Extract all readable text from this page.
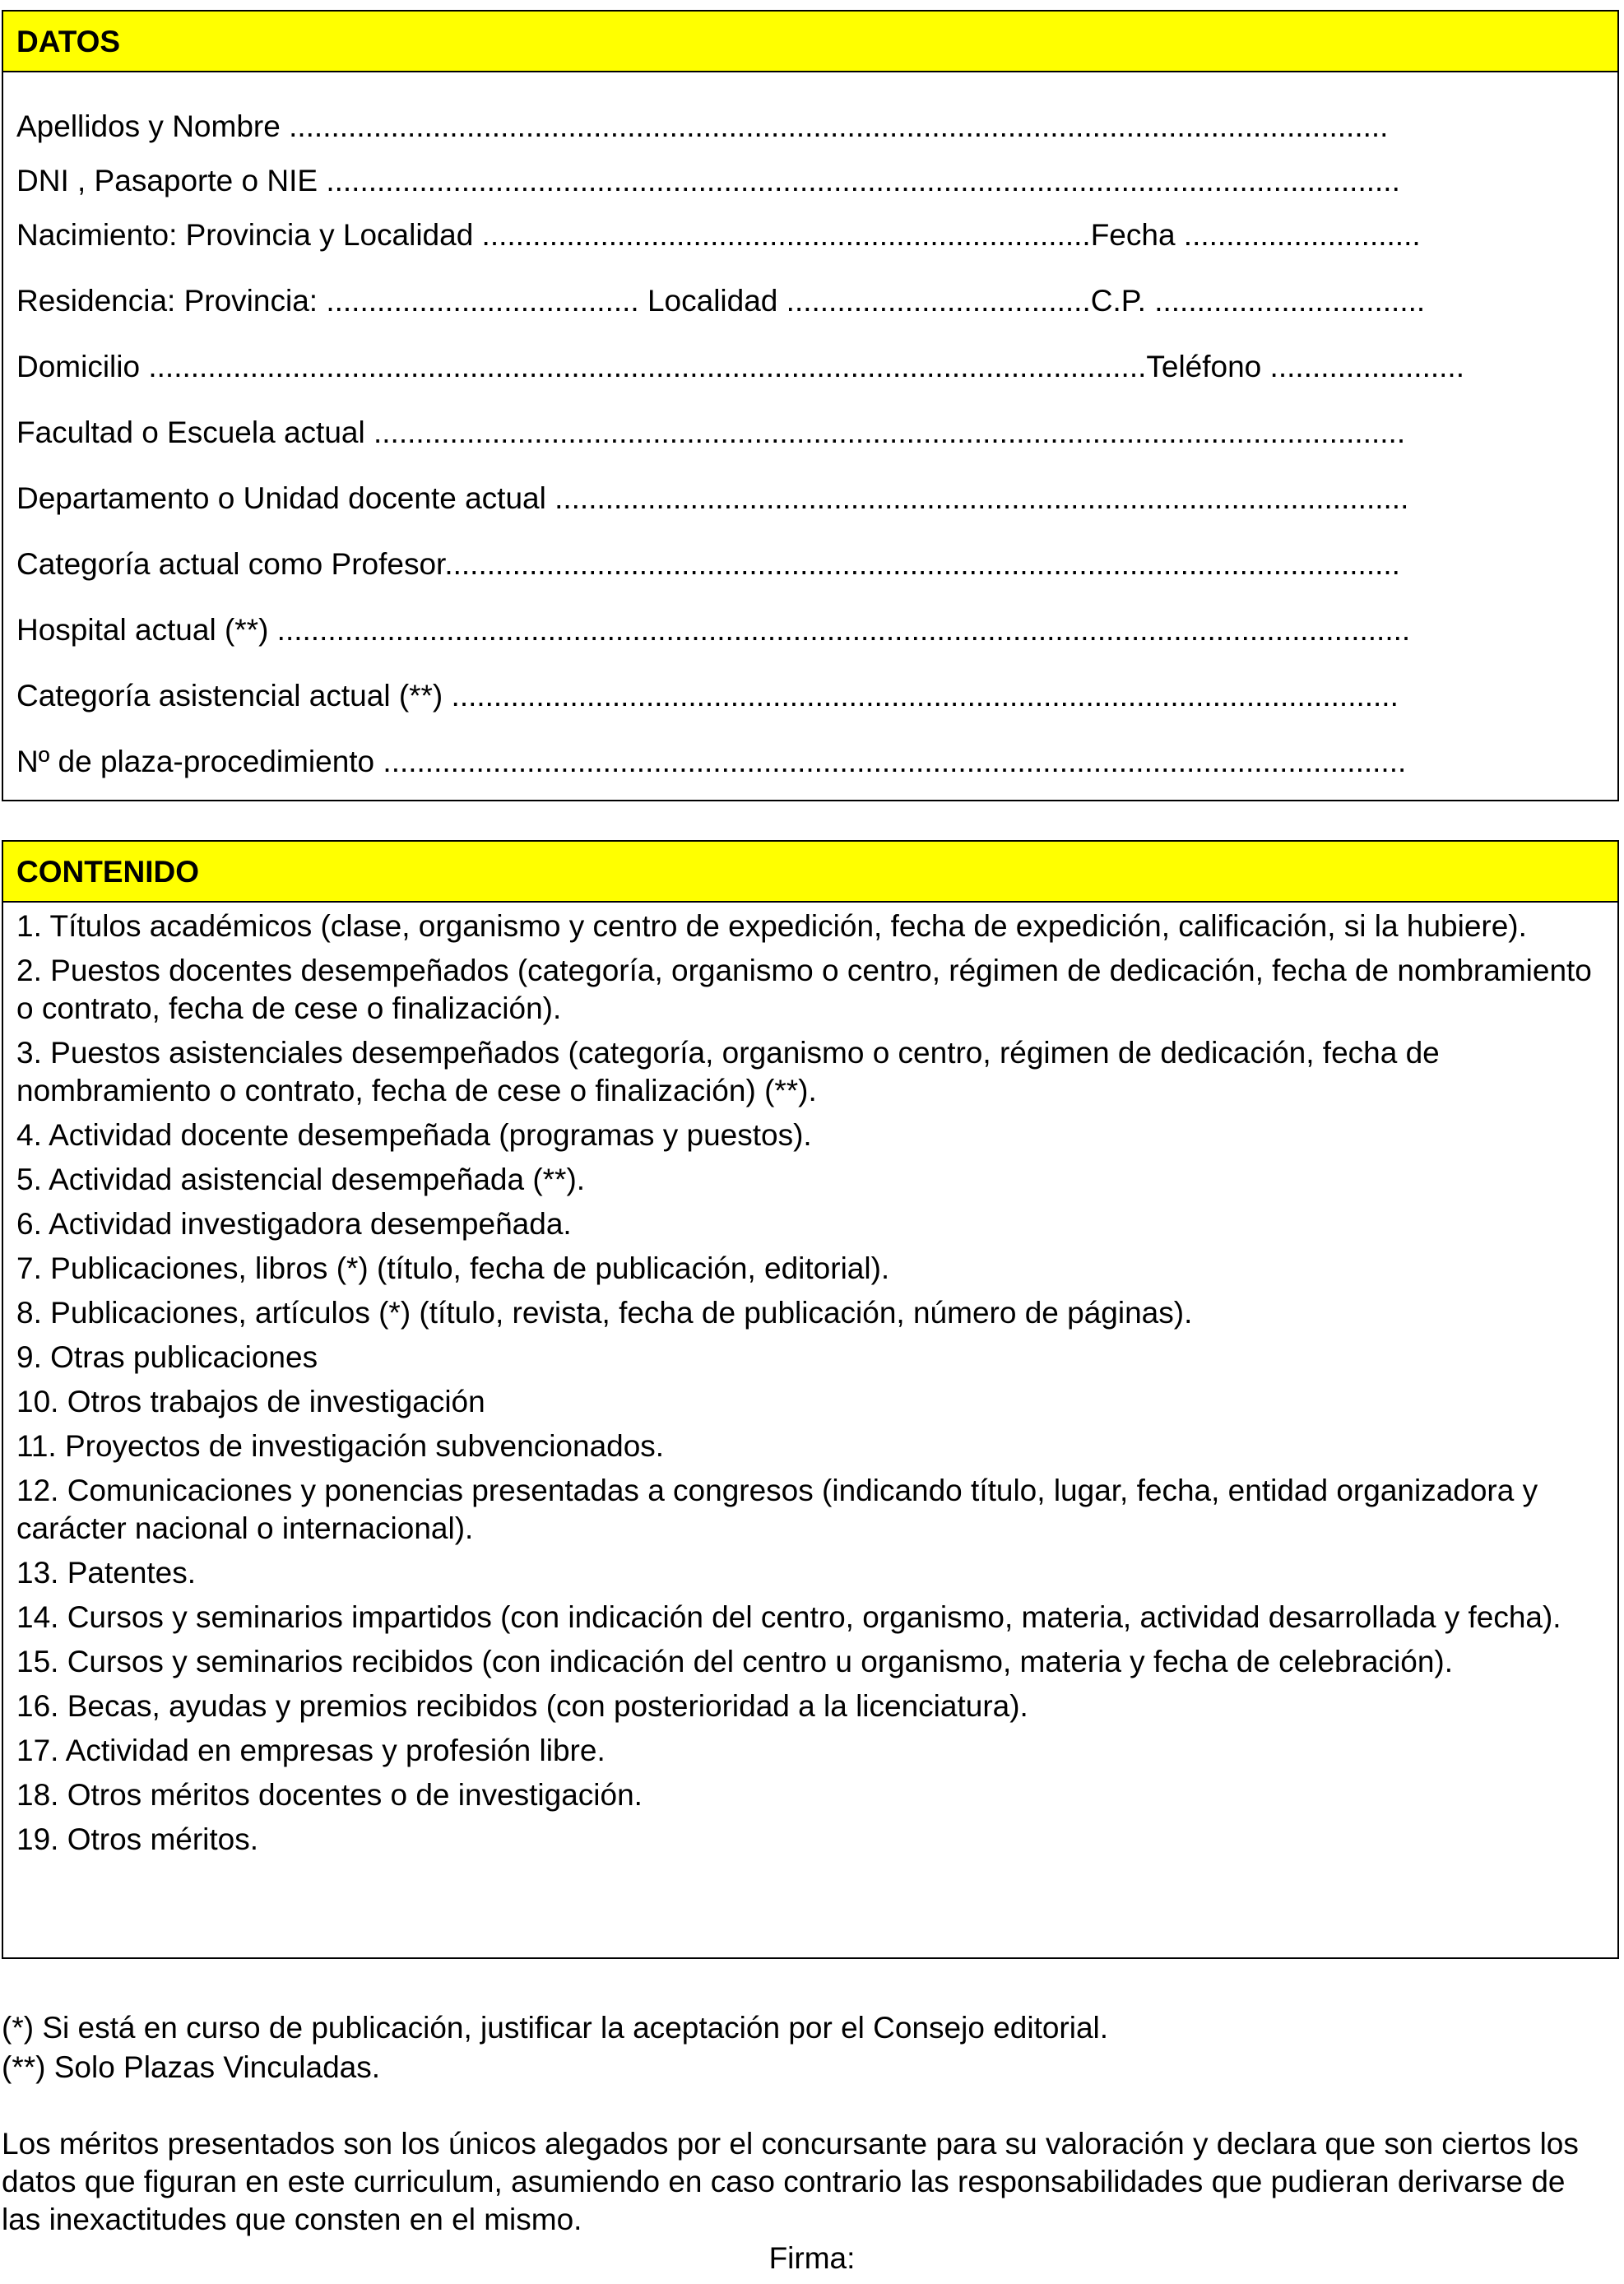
DATOS
Apellidos y Nombre ..................................................................................................................................
DNI , Pasaporte o NIE ...............................................................................................................................
Nacimiento: Provincia y Localidad ........................................................................Fecha ............................
Residencia: Provincia: ..................................... Localidad ....................................C.P. ................................
Domicilio ......................................................................................................................Teléfono .......................
Facultad o Escuela actual ..........................................................................................................................
Departamento o Unidad docente actual .....................................................................................................
Categoría actual como Profesor.................................................................................................................
Hospital actual (**) ......................................................................................................................................
Categoría asistencial actual (**) ................................................................................................................
Nº de plaza-procedimiento .........................................................................................................................
CONTENIDO
1. Títulos académicos (clase, organismo y centro de expedición, fecha de expedición, calificación, si la hubiere).
2. Puestos docentes desempeñados (categoría, organismo o centro, régimen de dedicación, fecha de nombramiento o contrato, fecha de cese o finalización).
3. Puestos asistenciales desempeñados (categoría, organismo o centro, régimen de dedicación, fecha de nombramiento o contrato, fecha de cese o finalización) (**).
4. Actividad docente desempeñada (programas y puestos).
5. Actividad asistencial desempeñada (**).
6. Actividad investigadora desempeñada.
7. Publicaciones, libros (*) (título, fecha de publicación, editorial).
8. Publicaciones, artículos (*) (título, revista, fecha de publicación, número de páginas).
9. Otras publicaciones
10. Otros trabajos de investigación
11. Proyectos de investigación subvencionados.
12. Comunicaciones y ponencias presentadas a congresos (indicando título, lugar, fecha, entidad organizadora y carácter nacional o internacional).
13. Patentes.
14. Cursos y seminarios impartidos (con indicación del centro, organismo, materia, actividad desarrollada y fecha).
15. Cursos y seminarios recibidos (con indicación del centro u organismo, materia y fecha de celebración).
16. Becas, ayudas y premios recibidos (con posterioridad a la licenciatura).
17. Actividad en empresas y profesión libre.
18. Otros méritos docentes o de investigación.
19. Otros méritos.
(*) Si está en curso de publicación, justificar la aceptación por el Consejo editorial.
(**) Solo Plazas Vinculadas.
Los méritos presentados son los únicos alegados por el concursante para su valoración y declara que son ciertos los datos que figuran en este curriculum, asumiendo en caso contrario las responsabilidades que pudieran derivarse de las inexactitudes que consten en el mismo.
Firma:
